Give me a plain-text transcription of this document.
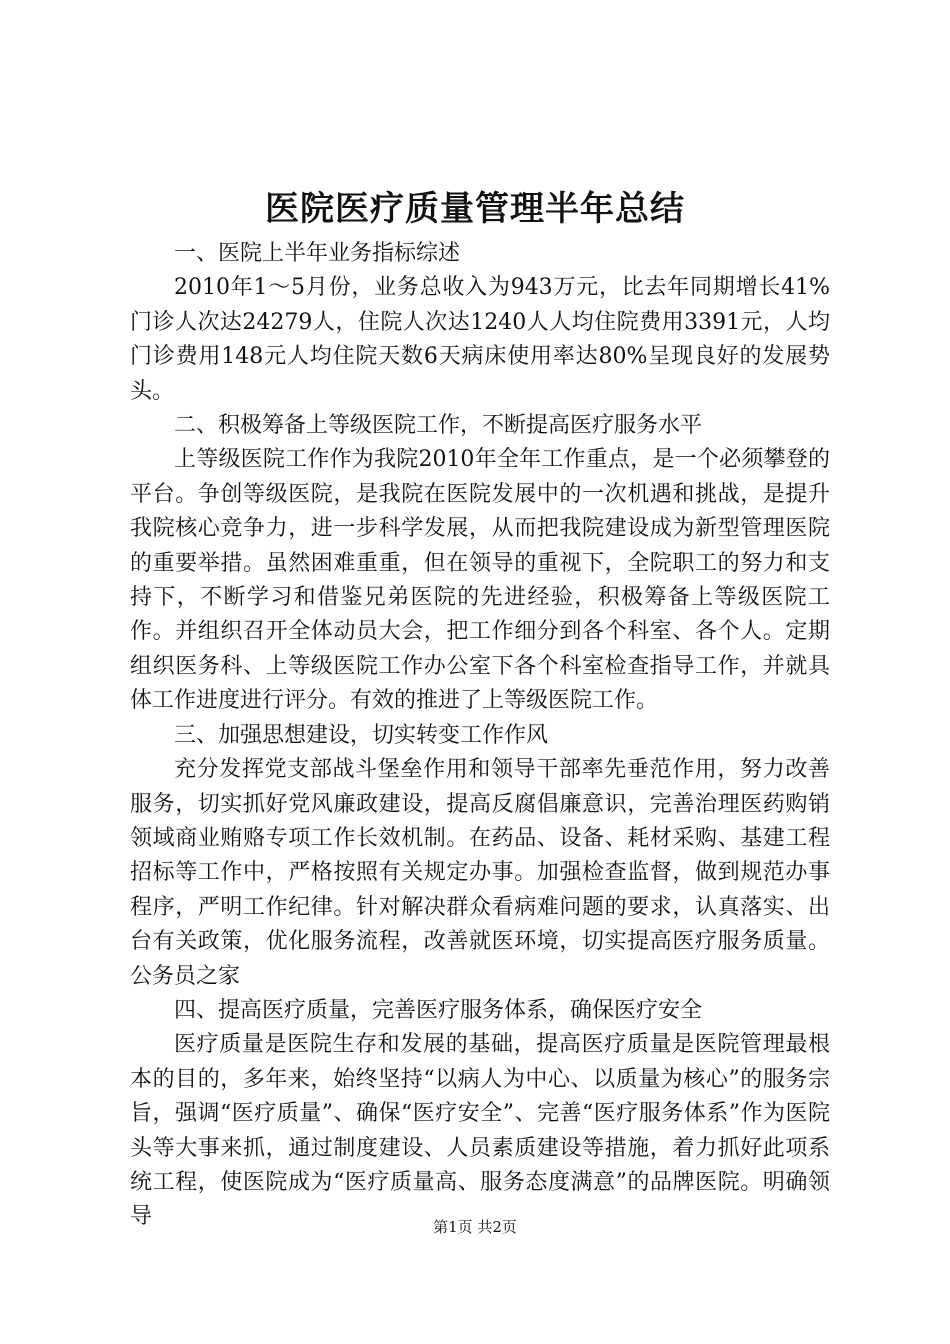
医院医疗质量管理半年总结

一、医院上半年业务指标综述

2010年1～5月份，业务总收入为943万元，比去年同期增长41%门诊人次达24279人，住院人次达1240人人均住院费用3391元，人均门诊费用148元人均住院天数6天病床使用率达80%呈现良好的发展势头。

二、积极筹备上等级医院工作，不断提高医疗服务水平

上等级医院工作作为我院2010年全年工作重点，是一个必须攀登的平台。争创等级医院，是我院在医院发展中的一次机遇和挑战，是提升我院核心竞争力，进一步科学发展，从而把我院建设成为新型管理医院的重要举措。虽然困难重重，但在领导的重视下，全院职工的努力和支持下，不断学习和借鉴兄弟医院的先进经验，积极筹备上等级医院工作。并组织召开全体动员大会，把工作细分到各个科室、各个人。定期组织医务科、上等级医院工作办公室下各个科室检查指导工作，并就具体工作进度进行评分。有效的推进了上等级医院工作。

三、加强思想建设，切实转变工作作风

充分发挥党支部战斗堡垒作用和领导干部率先垂范作用，努力改善服务，切实抓好党风廉政建设，提高反腐倡廉意识，完善治理医药购销领域商业贿赂专项工作长效机制。在药品、设备、耗材采购、基建工程招标等工作中，严格按照有关规定办事。加强检查监督，做到规范办事程序，严明工作纪律。针对解决群众看病难问题的要求，认真落实、出台有关政策，优化服务流程，改善就医环境，切实提高医疗服务质量。公务员之家

四、提高医疗质量，完善医疗服务体系，确保医疗安全

医疗质量是医院生存和发展的基础，提高医疗质量是医院管理最根本的目的，多年来，始终坚持“以病人为中心、以质量为核心”的服务宗旨，强调“医疗质量”、确保“医疗安全”、完善“医疗服务体系”作为医院头等大事来抓，通过制度建设、人员素质建设等措施，着力抓好此项系统工程，使医院成为“医疗质量高、服务态度满意”的品牌医院。明确领导	第1页 共2页
